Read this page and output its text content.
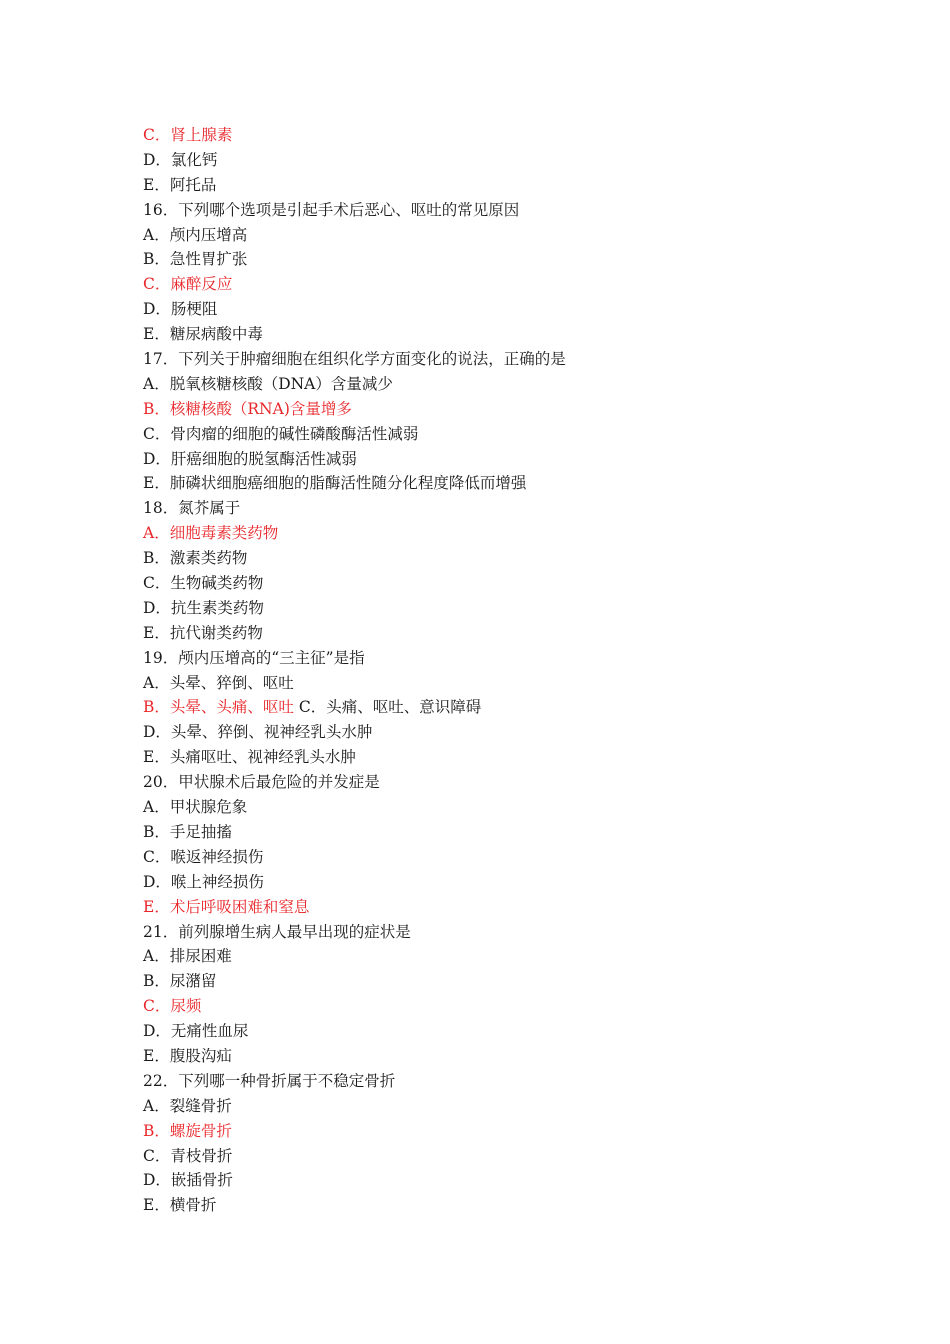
C．肾上腺素
D．氯化钙
E．阿托品
16．下列哪个选项是引起手术后恶心、呕吐的常见原因
A．颅内压增高
B．急性胃扩张
C．麻醉反应
D．肠梗阻
E．糖尿病酸中毒
17．下列关于肿瘤细胞在组织化学方面变化的说法，正确的是
A．脱氧核糖核酸（DNA）含量减少
B．核糖核酸（RNA)含量增多
C．骨肉瘤的细胞的碱性磷酸酶活性减弱
D．肝癌细胞的脱氢酶活性减弱
E．肺磷状细胞癌细胞的脂酶活性随分化程度降低而增强
18．氮芥属于
A．细胞毒素类药物
B．激素类药物
C．生物碱类药物
D．抗生素类药物
E．抗代谢类药物
19．颅内压增高的“三主征”是指
A．头晕、猝倒、呕吐
B．头晕、头痛、呕吐 C．头痛、呕吐、意识障碍
D．头晕、猝倒、视神经乳头水肿
E．头痛呕吐、视神经乳头水肿
20．甲状腺术后最危险的并发症是
A．甲状腺危象
B．手足抽搐
C．喉返神经损伤
D．喉上神经损伤
E．术后呼吸困难和窒息
21．前列腺增生病人最早出现的症状是
A．排尿困难
B．尿潴留
C．尿频
D．无痛性血尿
E．腹股沟疝
22．下列哪一种骨折属于不稳定骨折
A．裂缝骨折
B．螺旋骨折
C．青枝骨折
D．嵌插骨折
E．横骨折
